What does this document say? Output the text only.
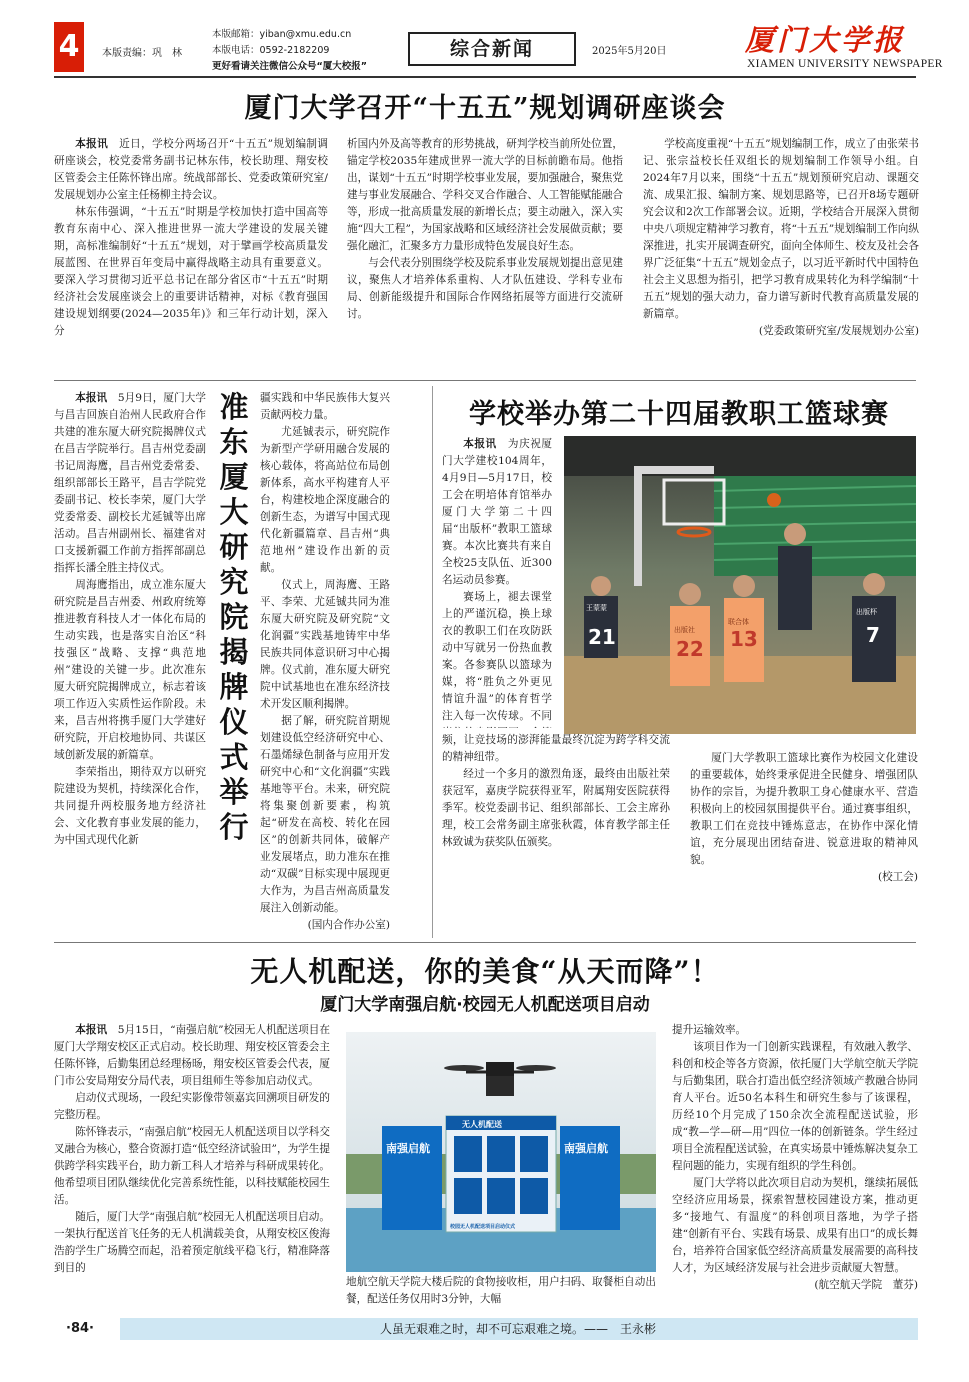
4	本版责编：巩　林
本版邮箱：yiban@xmu.edu.cn
本版电话：0592-2182209
更好看请关注微信公众号“厦大校报”
综合新闻	2025年5月20日	厦门大学报
XIAMEN UNIVERSITY NEWSPAPER
厦门大学召开“十五五”规划调研座谈会

本报讯　 近日，学校分两场召开“十五五”规划编制调研座谈会，校党委常务副书记林东伟，校长助理、翔安校区管委会主任陈怀锋出席。统战部部长、党委政策研究室/发展规划办公室主任杨柳主持会议。

林东伟强调，“十五五”时期是学校加快打造中国高等教育东南中心、深入推进世界一流大学建设的发展关键期，高标准编制好“十五五”规划，对于擘画学校高质量发展蓝图、在世界百年变局中赢得战略主动具有重要意义。要深入学习贯彻习近平总书记在部分省区市“十五五”时期经济社会发展座谈会上的重要讲话精神，对标《教育强国建设规划纲要(2024—2035年)》和三年行动计划，深入分

析国内外及高等教育的形势挑战，研判学校当前所处位置，锚定学校2035年建成世界一流大学的目标前瞻布局。他指出，谋划“十五五”时期学校事业发展，要加强融合，聚焦党建与事业发展融合、学科交叉合作融合、人工智能赋能融合等，形成一批高质量发展的新增长点；要主动融入，深入实施“四大工程”，为国家战略和区域经济社会发展做贡献；要强化融汇，汇聚多方力量形成特色发展良好生态。

与会代表分别围绕学校及院系事业发展规划提出意见建议，聚焦人才培养体系重构、人才队伍建设、学科专业布局、创新能级提升和国际合作网络拓展等方面进行交流研讨。

学校高度重视“十五五”规划编制工作，成立了由张荣书记、张宗益校长任双组长的规划编制工作领导小组。自2024年7月以来，围绕“十五五”规划预研究启动、课题交流、成果汇报、编制方案、规划思路等，已召开8场专题研究会议和2次工作部署会议。近期，学校结合开展深入贯彻中央八项规定精神学习教育，将“十五五”规划编制工作向纵深推进，扎实开展调查研究，面向全体师生、校友及社会各界广泛征集“十五五”规划金点子，以习近平新时代中国特色社会主义思想为指引，把学习教育成果转化为科学编制“十五五”规划的强大动力，奋力谱写新时代教育高质量发展的新篇章。

(党委政策研究室/发展规划办公室)

本报讯　 5月9日，厦门大学与昌吉回族自治州人民政府合作共建的准东厦大研究院揭牌仪式在昌吉学院举行。昌吉州党委副书记周海鹰，昌吉州党委常委、组织部部长王路平，昌吉学院党委副书记、校长李荣，厦门大学党委常委、副校长尤延铖等出席活动。昌吉州副州长、福建省对口支援新疆工作前方指挥部副总指挥长潘全胜主持仪式。

周海鹰指出，成立准东厦大研究院是昌吉州委、州政府统筹推进教育科技人才一体化布局的生动实践，也是落实自治区“科技强区”战略、支撑“典范地州”建设的关键一步。此次准东厦大研究院揭牌成立，标志着该项工作迈入实质性运作阶段。未来，昌吉州将携手厦门大学建好研究院，开启校地协同、共谋区域创新发展的新篇章。

李荣指出，期待双方以研究院建设为契机，持续深化合作，共同提升两校服务地方经济社会、文化教育事业发展的能力，为中国式现代化新

准东厦大研究院揭牌仪式举行

疆实践和中华民族伟大复兴贡献两校力量。

尤延铖表示，研究院作为新型产学研用融合发展的核心载体，将高站位布局创新体系，高水平构建育人平台，构建校地企深度融合的创新生态，为谱写中国式现代化新疆篇章、昌吉州“典范地州”建设作出新的贡献。

仪式上，周海鹰、王路平、李荣、尤延铖共同为准东厦大研究院及研究院“文化润疆”实践基地铸牢中华民族共同体意识研习中心揭牌。仪式前，准东厦大研究院中试基地也在准东经济技术开发区顺利揭牌。

据了解，研究院首期规划建设低空经济研究中心、石墨烯绿色制备与应用开发研究中心和“文化润疆”实践基地等平台。未来，研究院将集聚创新要素，构筑起“研发在高校、转化在园区”的创新共同体，破解产业发展堵点，助力准东在推动“双碳”目标实现中展现更大作为，为昌吉州高质量发展注入创新动能。

(国内合作办公室)

学校举办第二十四届教职工篮球赛

本报讯　 为庆祝厦门大学建校104周年，4月9日—5月17日，校工会在明培体育馆举办厦门大学第二十四届“出版杯”教职工篮球赛。本次比赛共有来自全校25支队伍、近300名运动员参赛。

赛场上，褪去课堂上的严谨沉稳，换上球衣的教职工们在攻防跃动中写就另一份热血教案。各参赛队以篮球为媒，将“胜负之外更见情谊升温”的体育哲学注入每一次传球。不同

21	22 13	7
王蒙蒙
出版社
联合体
出版杯

频，让竞技场的澎湃能量最终沉淀为跨学科交流的精神纽带。

经过一个多月的激烈角逐，最终由出版社荣获冠军，嘉庚学院获得亚军，附属翔安医院获得季军。校党委副书记、组织部部长、工会主席孙理，校工会常务副主席张秋霞，体育教学部主任林致诚为获奖队伍颁奖。

厦门大学教职工篮球比赛作为校园文化建设的重要载体，始终秉承促进全民健身、增强团队协作的宗旨，为提升教职工身心健康水平、营造积极向上的校园氛围提供平台。通过赛事组织，教职工们在竞技中锤炼意志，在协作中深化情谊，充分展现出团结奋进、锐意进取的精神风貌。

(校工会)

无人机配送，你的美食“从天而降”！
厦门大学南强启航·校园无人机配送项目启动

本报讯　 5月15日，“南强启航”校园无人机配送项目在厦门大学翔安校区正式启动。校长助理、翔安校区管委会主任陈怀锋，后勤集团总经理杨旸，翔安校区管委会代表，厦门市公安局翔安分局代表，项目组师生等参加启动仪式。

启动仪式现场，一段纪实影像带领嘉宾回溯项目研发的完整历程。

陈怀锋表示，“南强启航”校园无人机配送项目以学科交叉融合为核心，整合资源打造“低空经济试验田”，为学生提供跨学科实践平台，助力新工科人才培养与科研成果转化。他希望项目团队继续优化完善系统性能，以科技赋能校园生活。

随后，厦门大学“南强启航”校园无人机配送项目启动。一架执行配送首飞任务的无人机满载美食，从翔安校区俊海浩韵学生广场腾空而起，沿着预定航线平稳飞行，精准降落到目的

南强启航
无人机配送
南强启航
校园无人机配送项目启动仪式

地航空航天学院大楼后院的食物接收柜，用户扫码、取餐柜自动出餐，配送任务仅用时3分钟，大幅

提升运输效率。

该项目作为一门创新实践课程，有效融入教学、科创和校企等各方资源，依托厦门大学航空航天学院与后勤集团，联合打造出低空经济领域产教融合协同育人平台。近50名本科生和研究生参与了该课程，历经10个月完成了150余次全流程配送试验，形成“教—学—研—用”四位一体的创新链条。学生经过项目全流程配送试验，在真实场景中锤炼解决复杂工程问题的能力，实现有组织的学生科创。

厦门大学将以此次项目启动为契机，继续拓展低空经济应用场景，探索智慧校园建设方案，推动更多“接地气、有温度”的科创项目落地，为学子搭建“创新有平台、实践有场景、成果有出口”的成长舞台，培养符合国家低空经济高质量发展需要的高科技人才，为区域经济发展与社会进步贡献厦大智慧。

(航空航天学院　董芬)

·84·	人虽无艰难之时，却不可忘艰难之境。——　王永彬
